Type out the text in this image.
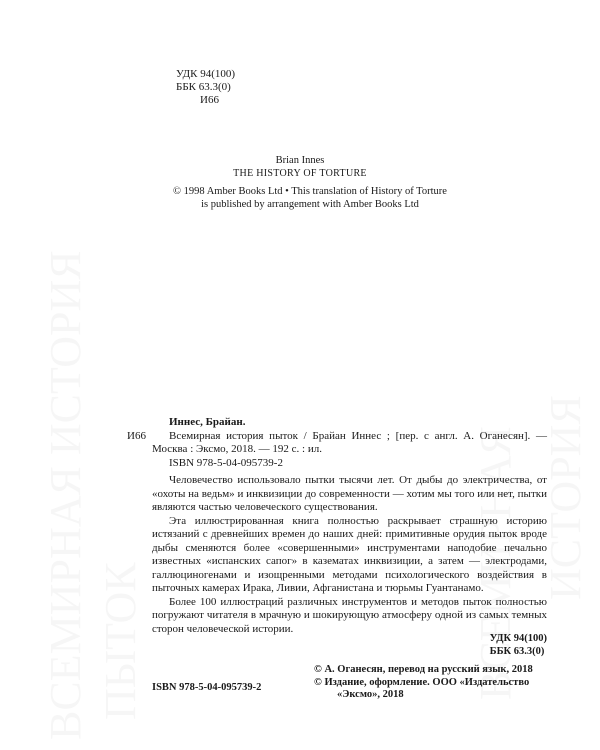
УДК 94(100)
ББК 63.3(0)
И66
Brian Innes
THE HISTORY OF TORTURE
© 1998 Amber Books Ltd • This translation of History of Torture
is published by arrangement with Amber Books Ltd
И66
Иннес, Брайан.
Всемирная история пыток / Брайан Иннес ; [пер. с англ. А. Оганесян]. — Москва : Эксмо, 2018. — 192 с. : ил.
ISBN 978-5-04-095739-2

Человечество использовало пытки тысячи лет. От дыбы до электричества, от «охоты на ведьм» и инквизиции до современности — хотим мы того или нет, пытки являются частью человеческого существования.

Эта иллюстрированная книга полностью раскрывает страшную историю истязаний с древнейших времен до наших дней: примитивные орудия пыток вроде дыбы сменяются более «совершенными» инструментами наподобие печально известных «испанских сапог» в казематах инквизиции, а затем — электродами, галлюциногенами и изощренными методами психологического воздействия в пыточных камерах Ирака, Ливии, Афганистана и тюрьмы Гуантанамо.

Более 100 иллюстраций различных инструментов и методов пыток полностью погружают читателя в мрачную и шокирующую атмосферу одной из самых темных сторон человеческой истории.

УДК 94(100)
ББК 63.3(0)
ISBN 978-5-04-095739-2
© А. Оганесян, перевод на русский язык, 2018
© Издание, оформление. ООО «Издательство
«Эксмо», 2018
